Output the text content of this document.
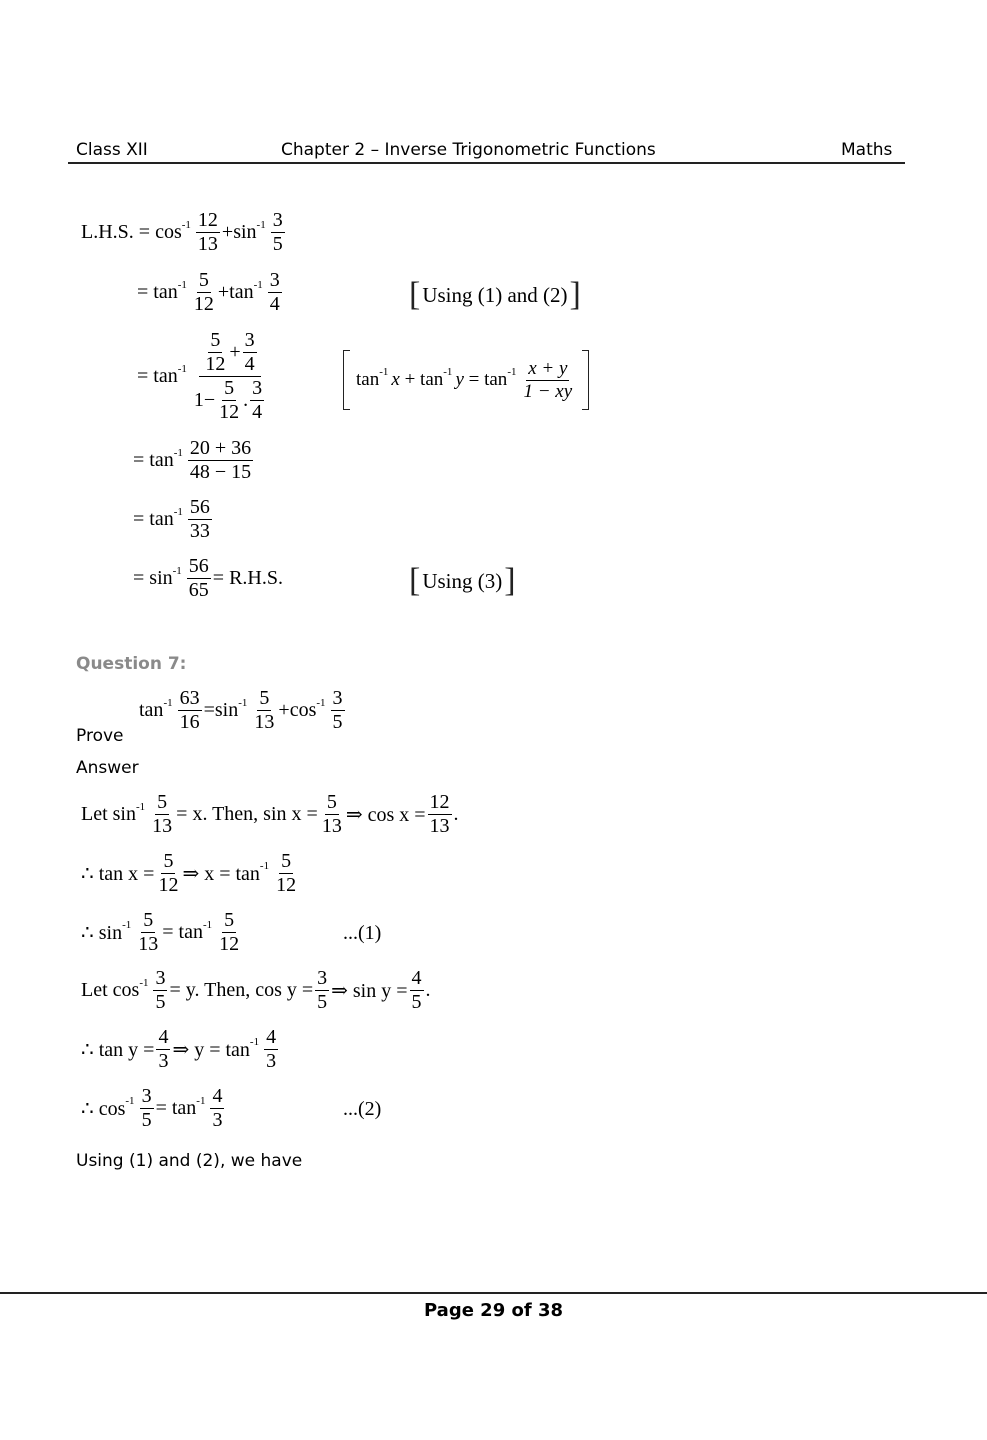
Class XII	Chapter 2 – Inverse Trigonometric Functions	Maths
L.H.S. =
$\cos^{-1} \frac{12}{13} + \sin^{-1} \frac{3}{5}$
=
$\tan^{-1} \frac{5}{12} + \tan^{-1} \frac{3}{4}$	[ Using (1) and (2) ]
=
$\tan^{-1} \frac{\frac{5}{12} + \frac{3}{4}}{1- \frac{5}{12} . \frac{3}{4}}$	$\tan^{-1} x$
+
$\tan^{-1} y$
=
$\tan^{-1} \frac{x + y}{1 - xy}$
=
$\tan^{-1} \frac{20 + 36}{48 - 15}$
=
$\tan^{-1} \frac{56}{33}$
=
$\sin^{-1} \frac{56}{65} = R.H.S$.	[ Using (3) ]
Question 7:
Prove
$\tan^{-1} \frac{63}{16} = \sin^{-1} \frac{5}{13} + \cos^{-1} \frac{3}{5}$
Answer
Let $\sin^{-1} \frac{5}{13} = x$. Then, $\sin x = \frac{5}{13}$ ⇒ $\cos x = \frac{12}{13}$ .
∴ $\tan x = \frac{5}{12}$ ⇒ $x = \tan^{-1} \frac{5}{12}$
∴ $\sin^{-1} \frac{5}{13} = \tan^{-1} \frac{5}{12}$	...(1)
Let $\cos^{-1} \frac{3}{5} = y$. Then, $\cos y = \frac{3}{5}$ ⇒ $\sin y = \frac{4}{5}$ .
∴ $\tan y = \frac{4}{3}$ ⇒ $y = \tan^{-1} \frac{4}{3}$
∴ $\cos^{-1} \frac{3}{5} = \tan^{-1} \frac{4}{3}$	...(2)
Using (1) and (2), we have
Page 29 of 38
